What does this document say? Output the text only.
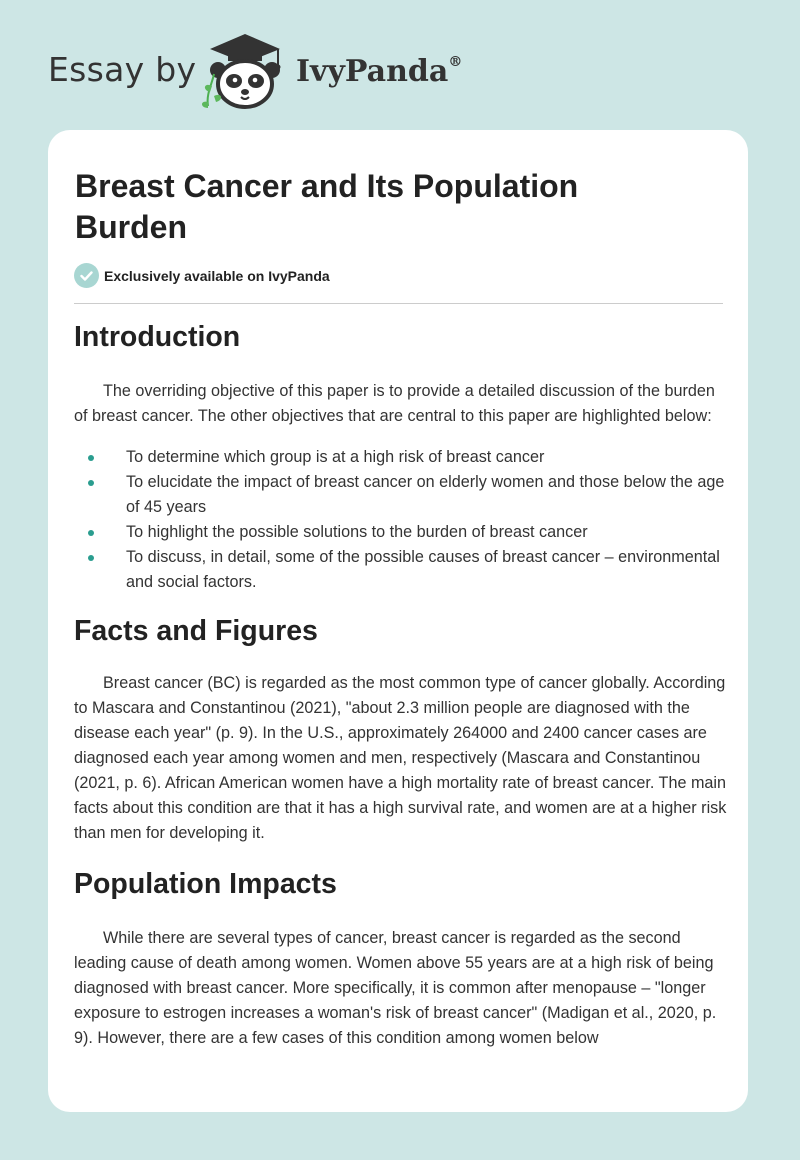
Essay by	IvyPanda®
Breast Cancer and Its Population Burden
Exclusively available on IvyPanda
Introduction

The overriding objective of this paper is to provide a detailed discussion of the burden of breast cancer. The other objectives that are central to this paper are highlighted below:

To determine which group is at a high risk of breast cancer
To elucidate the impact of breast cancer on elderly women and those below the age of 45 years
To highlight the possible solutions to the burden of breast cancer
To discuss, in detail, some of the possible causes of breast cancer – environmental and social factors.
Facts and Figures

Breast cancer (BC) is regarded as the most common type of cancer globally. According to Mascara and Constantinou (2021), "about 2.3 million people are diagnosed with the disease each year" (p. 9). In the U.S., approximately 264000 and 2400 cancer cases are diagnosed each year among women and men, respectively (Mascara and Constantinou (2021, p. 6). African American women have a high mortality rate of breast cancer. The main facts about this condition are that it has a high survival rate, and women are at a higher risk than men for developing it.

Population Impacts

While there are several types of cancer, breast cancer is regarded as the second leading cause of death among women. Women above 55 years are at a high risk of being diagnosed with breast cancer. More specifically, it is common after menopause – "longer exposure to estrogen increases a woman's risk of breast cancer" (Madigan et al., 2020, p. 9). However, there are a few cases of this condition among women below
